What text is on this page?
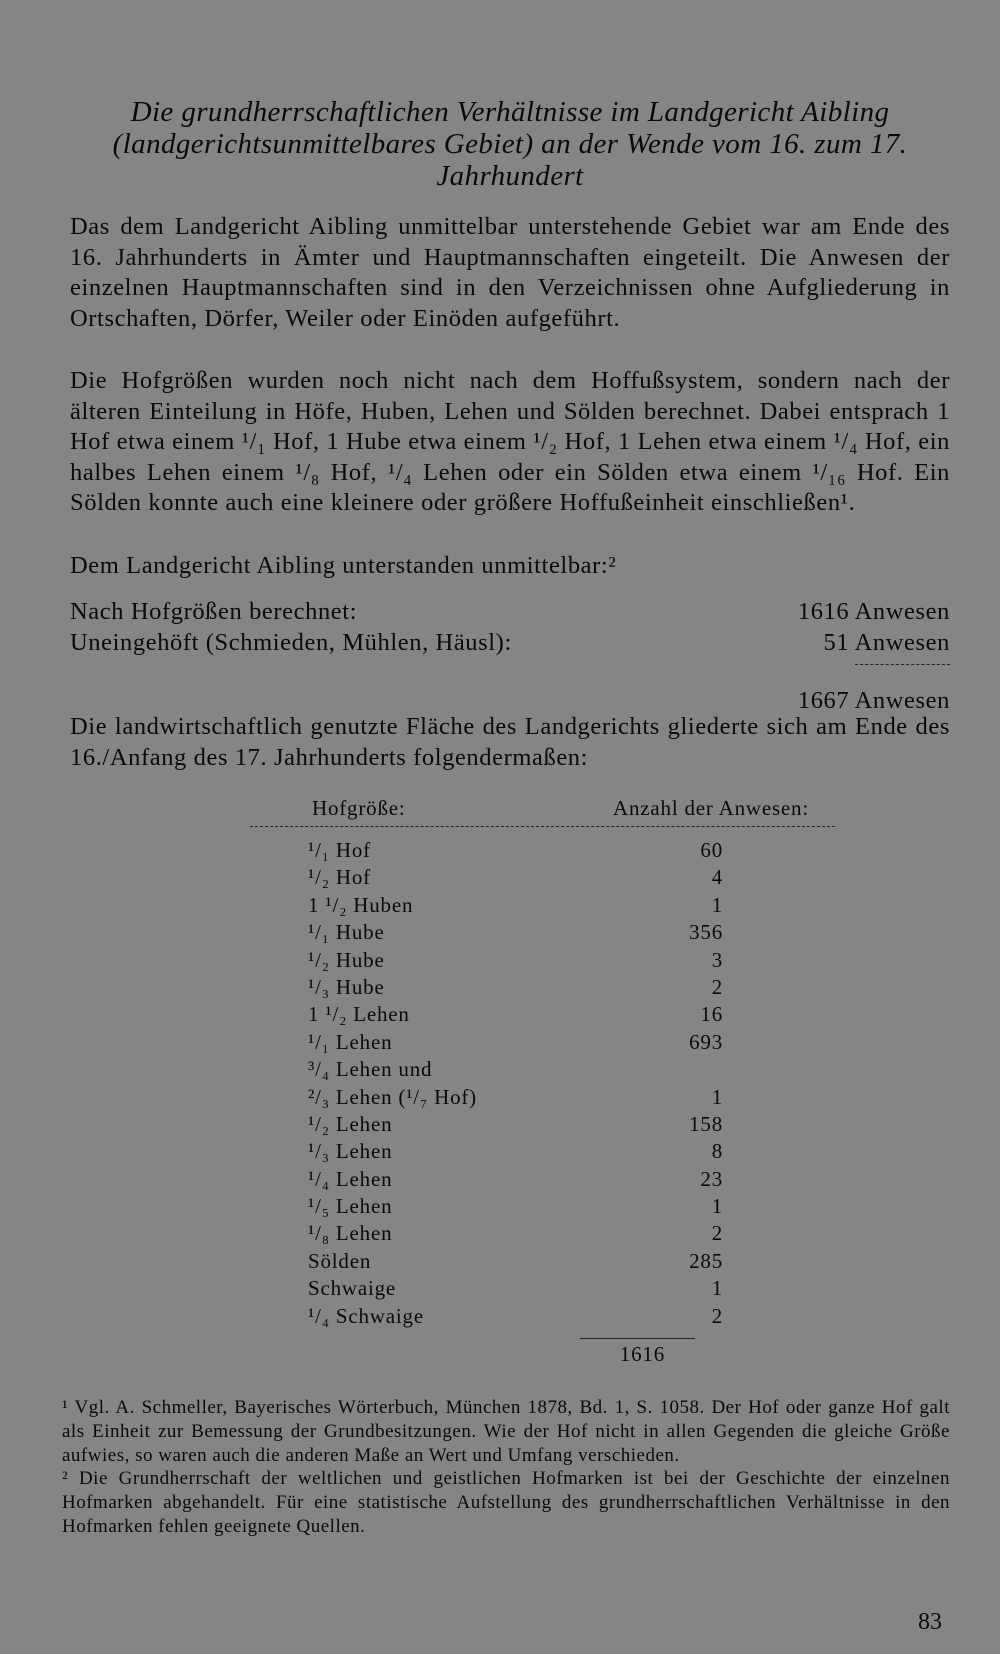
Die grundherrschaftlichen Verhältnisse im Landgericht Aibling (landgerichtsunmittelbares Gebiet) an der Wende vom 16. zum 17. Jahrhundert
Das dem Landgericht Aibling unmittelbar unterstehende Gebiet war am Ende des 16. Jahrhunderts in Ämter und Hauptmannschaften eingeteilt. Die Anwesen der einzelnen Hauptmannschaften sind in den Verzeichnissen ohne Aufgliederung in Ortschaften, Dörfer, Weiler oder Einöden aufgeführt.
Die Hofgrößen wurden noch nicht nach dem Hoffußsystem, sondern nach der älteren Einteilung in Höfe, Huben, Lehen und Sölden berechnet. Dabei entsprach 1 Hof etwa einem ¹/₁ Hof, 1 Hube etwa einem ¹/₂ Hof, 1 Lehen etwa einem ¹/₄ Hof, ein halbes Lehen einem ¹/₈ Hof, ¹/₄ Lehen oder ein Sölden etwa einem ¹/₁₆ Hof. Ein Sölden konnte auch eine kleinere oder größere Hoffußeinheit einschließen¹.
Dem Landgericht Aibling unterstanden unmittelbar:²
Nach Hofgrößen berechnet:	1616 Anwesen
Uneingehöft (Schmieden, Mühlen, Häusl):	51 Anwesen
1667 Anwesen
Die landwirtschaftlich genutzte Fläche des Landgerichts gliederte sich am Ende des 16./Anfang des 17. Jahrhunderts folgendermaßen:
Hofgröße:	Anzahl der Anwesen:
¹/₁ Hof	60
¹/₂ Hof	4
1 ¹/₂ Huben	1
¹/₁ Hube	356
¹/₂ Hube	3
¹/₃ Hube	2
1 ¹/₂ Lehen	16
¹/₁ Lehen	693
³/₄ Lehen und
²/₃ Lehen (¹/₇ Hof)	1
¹/₂ Lehen	158
¹/₃ Lehen	8
¹/₄ Lehen	23
¹/₅ Lehen	1
¹/₈ Lehen	2
Sölden	285
Schwaige	1
¹/₄ Schwaige	2
1616

¹ Vgl. A. Schmeller, Bayerisches Wörterbuch, München 1878, Bd. 1, S. 1058. Der Hof oder ganze Hof galt als Einheit zur Bemessung der Grundbesitzungen. Wie der Hof nicht in allen Gegenden die gleiche Größe aufwies, so waren auch die anderen Maße an Wert und Umfang verschieden.

² Die Grundherrschaft der weltlichen und geistlichen Hofmarken ist bei der Geschichte der einzelnen Hofmarken abgehandelt. Für eine statistische Aufstellung des grundherrschaftlichen Verhältnisse in den Hofmarken fehlen geeignete Quellen.

83
